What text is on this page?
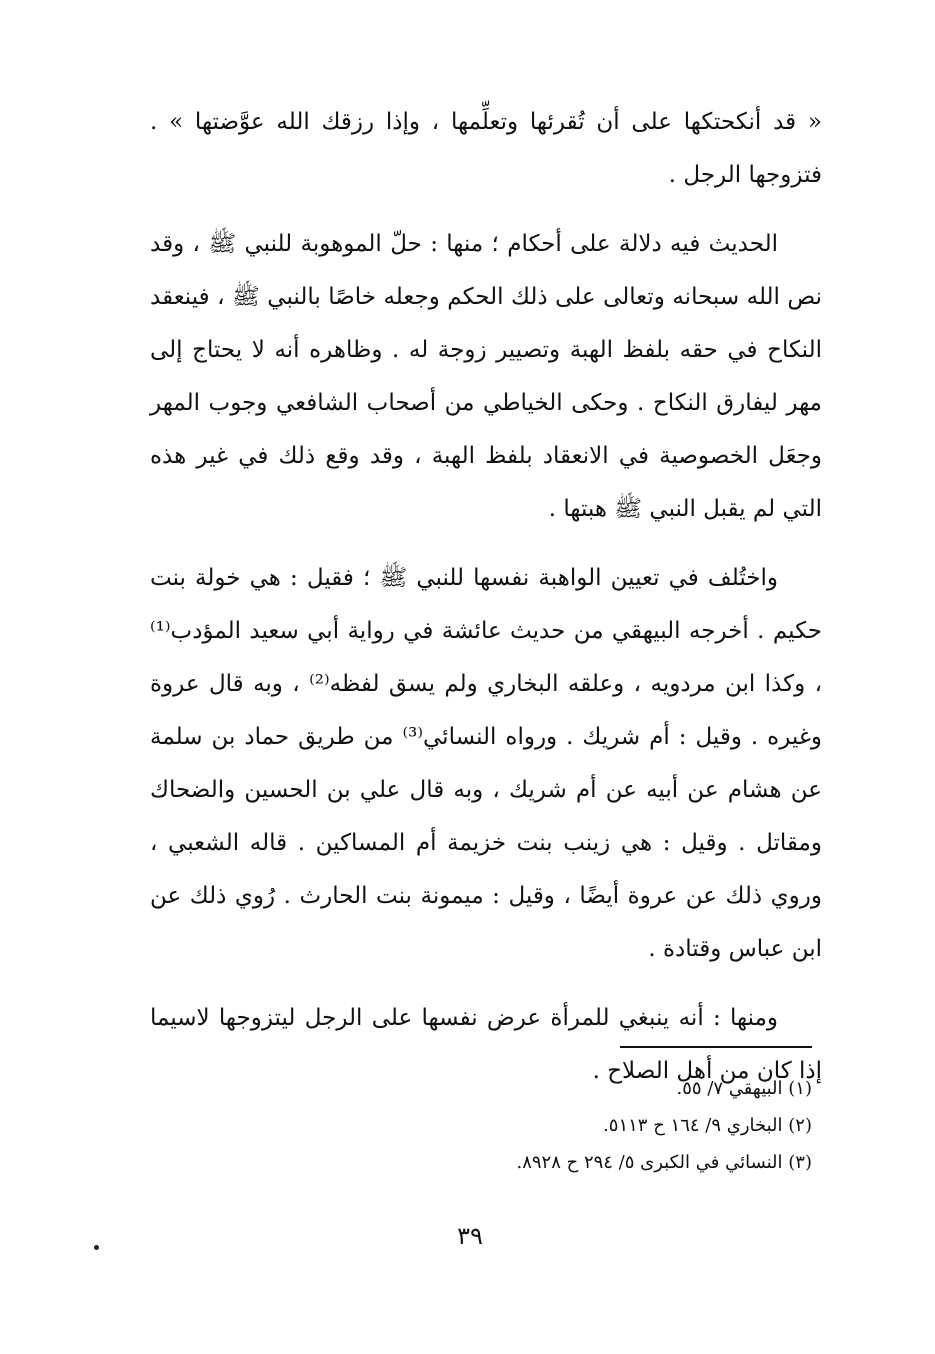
« قد أنكحتكها على أن تُقرئها وتعلِّمها ، وإذا رزقك الله عوَّضتها » . فتزوجها الرجل .

الحديث فيه دلالة على أحكام ؛ منها : حلّ الموهوبة للنبي ﷺ ، وقد نص الله سبحانه وتعالى على ذلك الحكم وجعله خاصًا بالنبي ﷺ ، فينعقد النكاح في حقه بلفظ الهبة وتصيير زوجة له . وظاهره أنه لا يحتاج إلى مهر ليفارق النكاح . وحكى الخياطي من أصحاب الشافعي وجوب المهر وجعَل الخصوصية في الانعقاد بلفظ الهبة ، وقد وقع ذلك في غير هذه التي لم يقبل النبي ﷺ هبتها .

واختُلف في تعيين الواهبة نفسها للنبي ﷺ ؛ فقيل : هي خولة بنت حكيم . أخرجه البيهقي من حديث عائشة في رواية أبي سعيد المؤدب⁽¹⁾ ، وكذا ابن مردويه ، وعلقه البخاري ولم يسق لفظه⁽²⁾ ، وبه قال عروة وغيره . وقيل : أم شريك . ورواه النسائي⁽³⁾ من طريق حماد بن سلمة عن هشام عن أبيه عن أم شريك ، وبه قال علي بن الحسين والضحاك ومقاتل . وقيل : هي زينب بنت خزيمة أم المساكين . قاله الشعبي ، وروي ذلك عن عروة أيضًا ، وقيل : ميمونة بنت الحارث . رُوي ذلك عن ابن عباس وقتادة .

ومنها : أنه ينبغي للمرأة عرض نفسها على الرجل ليتزوجها لاسيما إذا كان من أهل الصلاح .

(١) البيهقي ٧/ ٥٥.

(٢) البخاري ٩/ ١٦٤ ح ٥١١٣.

(٣) النسائي في الكبرى ٥/ ٢٩٤ ح ٨٩٢٨.

٣٩
